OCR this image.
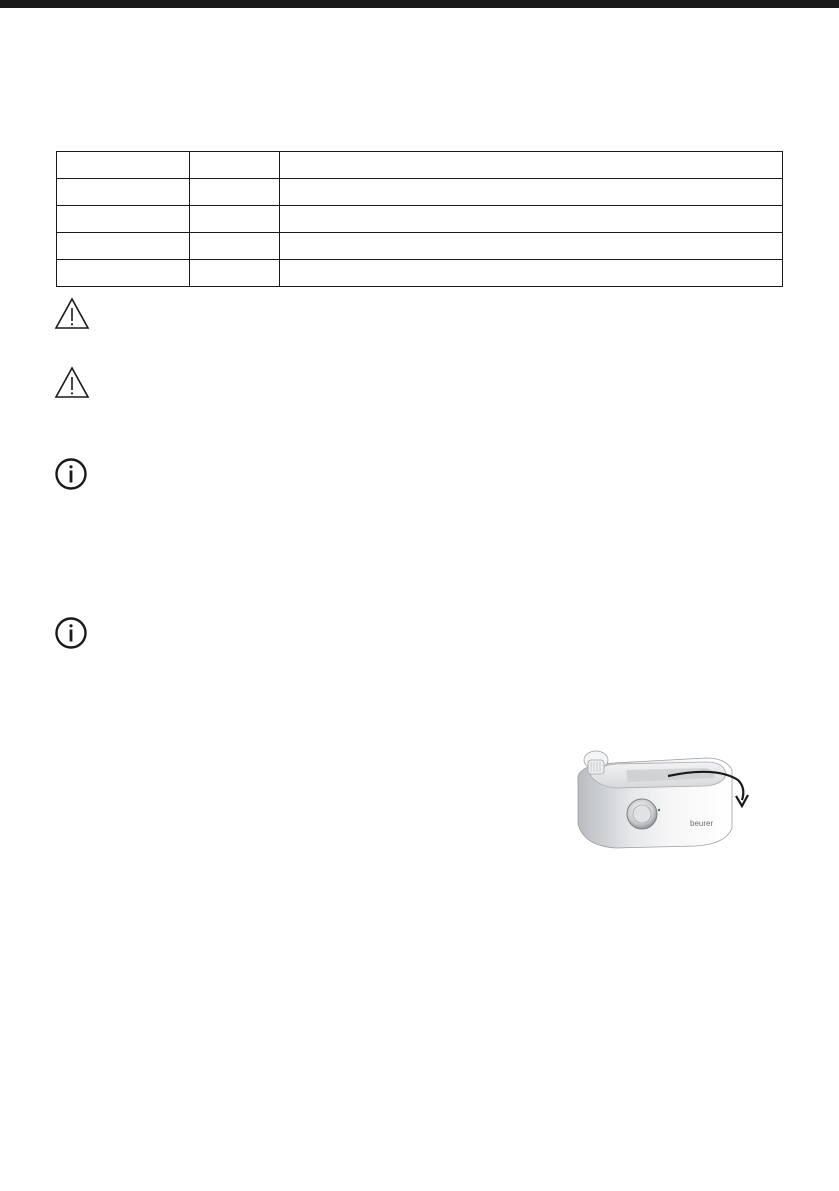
beurer
